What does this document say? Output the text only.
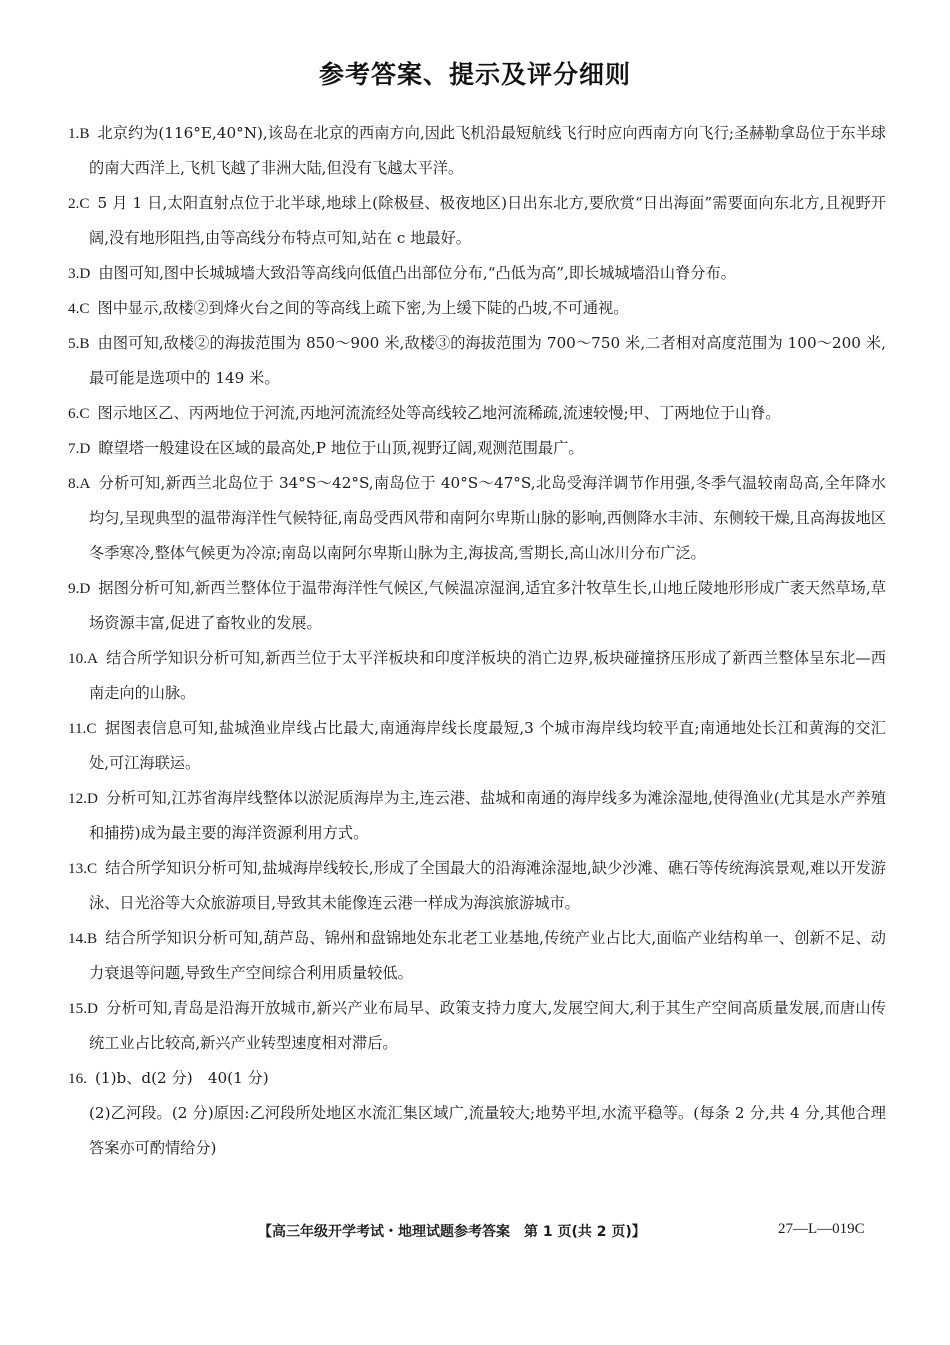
参考答案、提示及评分细则

1.B 北京约为(116°E,40°N),该岛在北京的西南方向,因此飞机沿最短航线飞行时应向西南方向飞行;圣赫勒拿岛位于东半球的南大西洋上,飞机飞越了非洲大陆,但没有飞越太平洋。

2.C 5 月 1 日,太阳直射点位于北半球,地球上(除极昼、极夜地区)日出东北方,要欣赏“日出海面”需要面向东北方,且视野开阔,没有地形阻挡,由等高线分布特点可知,站在 c 地最好。

3.D 由图可知,图中长城城墙大致沿等高线向低值凸出部位分布,“凸低为高”,即长城城墙沿山脊分布。

4.C 图中显示,敌楼②到烽火台之间的等高线上疏下密,为上缓下陡的凸坡,不可通视。

5.B 由图可知,敌楼②的海拔范围为 850～900 米,敌楼③的海拔范围为 700～750 米,二者相对高度范围为 100～200 米,最可能是选项中的 149 米。

6.C 图示地区乙、丙两地位于河流,丙地河流流经处等高线较乙地河流稀疏,流速较慢;甲、丁两地位于山脊。

7.D 瞭望塔一般建设在区域的最高处,P 地位于山顶,视野辽阔,观测范围最广。

8.A 分析可知,新西兰北岛位于 34°S～42°S,南岛位于 40°S～47°S,北岛受海洋调节作用强,冬季气温较南岛高,全年降水均匀,呈现典型的温带海洋性气候特征,南岛受西风带和南阿尔卑斯山脉的影响,西侧降水丰沛、东侧较干燥,且高海拔地区冬季寒冷,整体气候更为冷凉;南岛以南阿尔卑斯山脉为主,海拔高,雪期长,高山冰川分布广泛。

9.D 据图分析可知,新西兰整体位于温带海洋性气候区,气候温凉湿润,适宜多汁牧草生长,山地丘陵地形形成广袤天然草场,草场资源丰富,促进了畜牧业的发展。

10.A 结合所学知识分析可知,新西兰位于太平洋板块和印度洋板块的消亡边界,板块碰撞挤压形成了新西兰整体呈东北—西南走向的山脉。

11.C 据图表信息可知,盐城渔业岸线占比最大,南通海岸线长度最短,3 个城市海岸线均较平直;南通地处长江和黄海的交汇处,可江海联运。

12.D 分析可知,江苏省海岸线整体以淤泥质海岸为主,连云港、盐城和南通的海岸线多为滩涂湿地,使得渔业(尤其是水产养殖和捕捞)成为最主要的海洋资源利用方式。

13.C 结合所学知识分析可知,盐城海岸线较长,形成了全国最大的沿海滩涂湿地,缺少沙滩、礁石等传统海滨景观,难以开发游泳、日光浴等大众旅游项目,导致其未能像连云港一样成为海滨旅游城市。

14.B 结合所学知识分析可知,葫芦岛、锦州和盘锦地处东北老工业基地,传统产业占比大,面临产业结构单一、创新不足、动力衰退等问题,导致生产空间综合利用质量较低。

15.D 分析可知,青岛是沿海开放城市,新兴产业布局早、政策支持力度大,发展空间大,利于其生产空间高质量发展,而唐山传统工业占比较高,新兴产业转型速度相对滞后。

16. (1)b、d(2 分)　40(1 分)

(2)乙河段。(2 分)原因:乙河段所处地区水流汇集区域广,流量较大;地势平坦,水流平稳等。(每条 2 分,共 4 分,其他合理答案亦可酌情给分)

【高三年级开学考试・地理试题参考答案　第 1 页(共 2 页)】	27—L—019C
